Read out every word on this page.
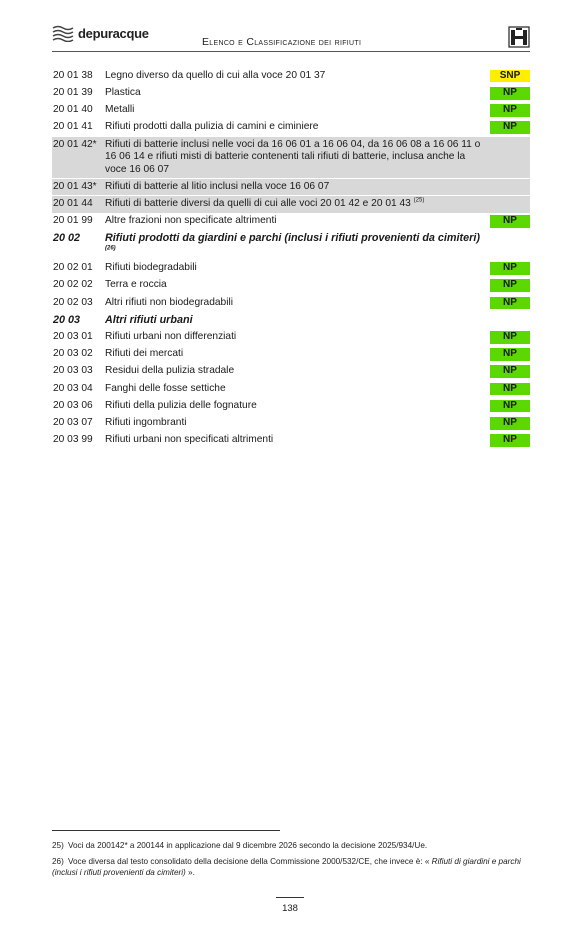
depuracque
Elenco e Classificazione dei rifiuti
20 01 38	Legno diverso da quello di cui alla voce 20 01 37	SNP
20 01 39	Plastica	NP
20 01 40	Metalli	NP
20 01 41	Rifiuti prodotti dalla pulizia di camini e ciminiere	NP
20 01 42* Rifiuti di batterie inclusi nelle voci da 16 06 01 a 16 06 04, da 16 06 08 a 16 06 11 o 16 06 14 e rifiuti misti di batterie contenenti tali rifiuti di batterie, inclusa anche la voce 16 06 07
20 01 43* Rifiuti di batterie al litio inclusi nella voce 16 06 07
20 01 44	Rifiuti di batterie diversi da quelli di cui alle voci 20 01 42 e 20 01 43 $^{(25)}$
20 01 99	Altre frazioni non specificate altrimenti	NP
20 02	Rifiuti prodotti da giardini e parchi (inclusi i rifiuti provenienti da cimiteri) $^{(26)}$
20 02 01	Rifiuti biodegradabili	NP
20 02 02	Terra e roccia	NP
20 02 03	Altri rifiuti non biodegradabili	NP
20 03	Altri rifiuti urbani
20 03 01	Rifiuti urbani non differenziati	NP
20 03 02	Rifiuti dei mercati	NP
20 03 03	Residui della pulizia stradale	NP
20 03 04	Fanghi delle fosse settiche	NP
20 03 06	Rifiuti della pulizia delle fognature	NP
20 03 07	Rifiuti ingombranti	NP
20 03 99	Rifiuti urbani non specificati altrimenti	NP
25) Voci da 200142* a 200144 in applicazione dal 9 dicembre 2026 secondo la decisione 2025/934/Ue.
26) Voce diversa dal testo consolidato della decisione della Commissione 2000/532/CE, che invece è: « Rifiuti di giardini e parchi (inclusi i rifiuti provenienti da cimiteri) ».
138
